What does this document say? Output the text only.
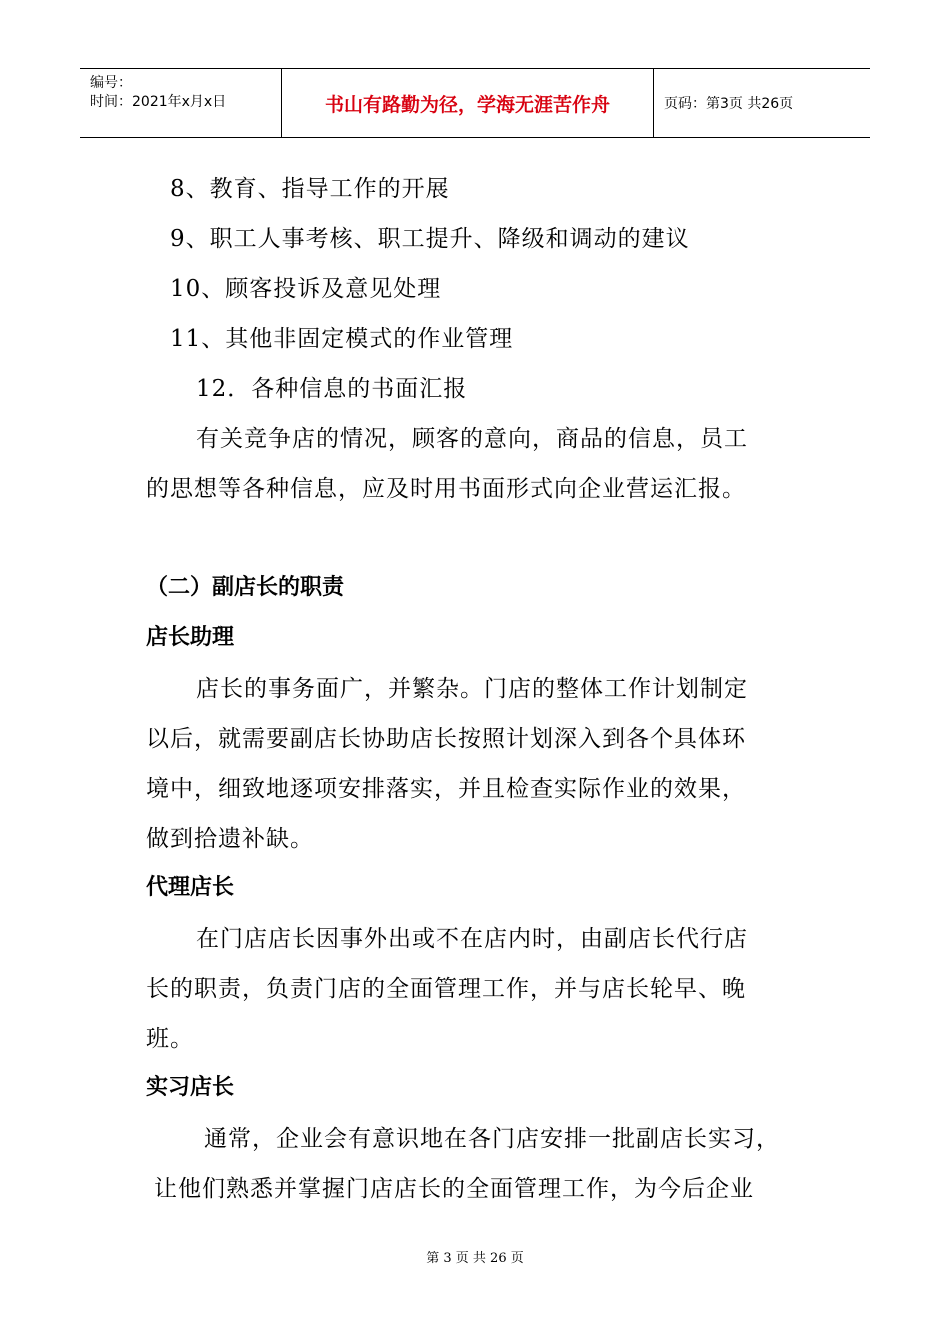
编号：
时间：2021年x月x日	书山有路勤为径，学海无涯苦作舟	页码：第3页 共26页
8、教育、指导工作的开展
9、职工人事考核、职工提升、降级和调动的建议
10、顾客投诉及意见处理
11、其他非固定模式的作业管理
12．各种信息的书面汇报
有关竞争店的情况，顾客的意向，商品的信息，员工
的思想等各种信息，应及时用书面形式向企业营运汇报。
（二）副店长的职责
店长助理
店长的事务面广，并繁杂。门店的整体工作计划制定
以后，就需要副店长协助店长按照计划深入到各个具体环
境中，细致地逐项安排落实，并且检查实际作业的效果，
做到拾遗补缺。
代理店长
在门店店长因事外出或不在店内时，由副店长代行店
长的职责，负责门店的全面管理工作，并与店长轮早、晚
班。
实习店长
通常，企业会有意识地在各门店安排一批副店长实习，
让他们熟悉并掌握门店店长的全面管理工作，为今后企业
第 3 页 共 26 页
